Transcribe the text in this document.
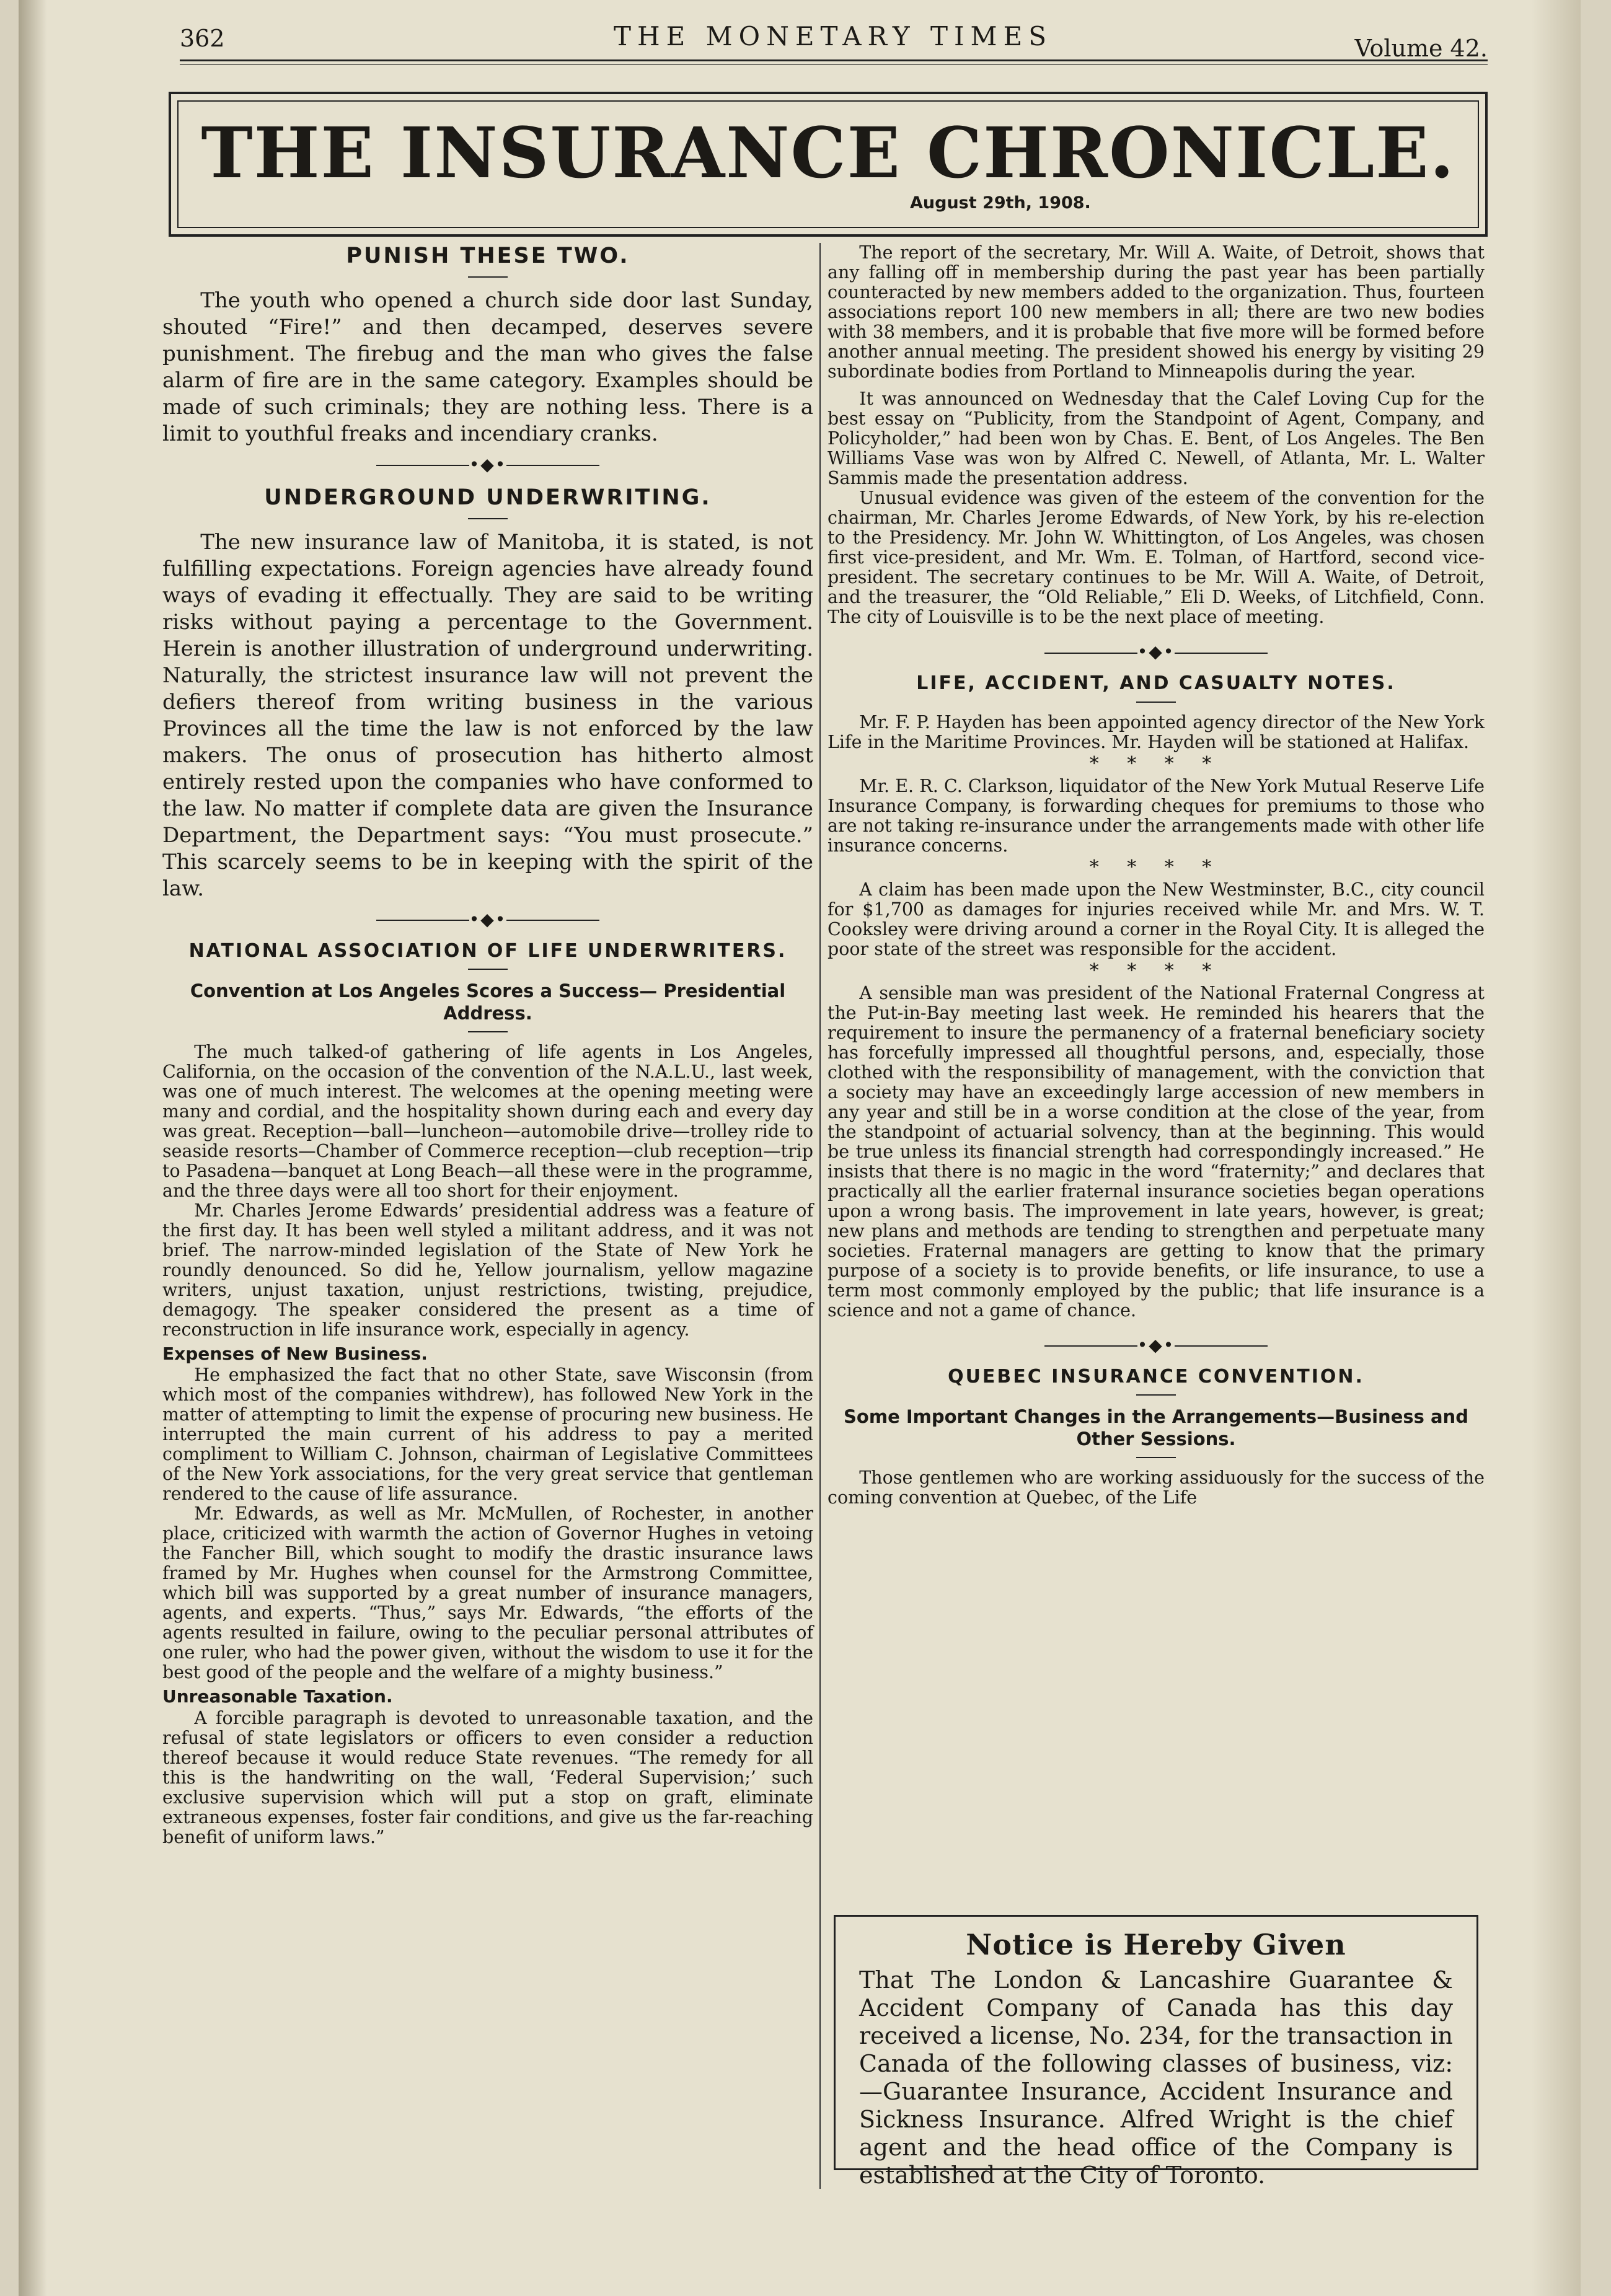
362	THE MONETARY TIMES	Volume 42.
THE INSURANCE CHRONICLE.
August 29th, 1908.
PUNISH THESE TWO.

The youth who opened a church side door last Sunday, shouted “Fire!” and then decamped, deserves severe punishment. The firebug and the man who gives the false alarm of fire are in the same category. Examples should be made of such criminals; they are nothing less. There is a limit to youthful freaks and incendiary cranks.

•◆•
UNDERGROUND UNDERWRITING.

The new insurance law of Manitoba, it is stated, is not fulfilling expectations. Foreign agencies have already found ways of evading it effectually. They are said to be writing risks without paying a percentage to the Government. Herein is another illustration of underground underwriting. Naturally, the strictest insurance law will not prevent the defiers thereof from writing business in the various Provinces all the time the law is not enforced by the law makers. The onus of prosecution has hitherto almost entirely rested upon the companies who have conformed to the law. No matter if complete data are given the Insurance Department, the Department says: “You must prosecute.” This scarcely seems to be in keeping with the spirit of the law.

•◆•
NATIONAL ASSOCIATION OF LIFE UNDERWRITERS.
Convention at Los Angeles Scores a Success— Presidential Address.

The much talked-of gathering of life agents in Los Angeles, California, on the occasion of the convention of the N.A.L.U., last week, was one of much interest. The welcomes at the opening meeting were many and cordial, and the hospitality shown during each and every day was great. Reception—ball—luncheon—automobile drive—trolley ride to seaside resorts—Chamber of Commerce reception—club reception—trip to Pasadena—banquet at Long Beach—all these were in the programme, and the three days were all too short for their enjoyment.

Mr. Charles Jerome Edwards’ presidential address was a feature of the first day. It has been well styled a militant address, and it was not brief. The narrow-minded legislation of the State of New York he roundly denounced. So did he, Yellow journalism, yellow magazine writers, unjust taxation, unjust restrictions, twisting, prejudice, demagogy. The speaker considered the present as a time of reconstruction in life insurance work, especially in agency.

Expenses of New Business.

He emphasized the fact that no other State, save Wisconsin (from which most of the companies withdrew), has followed New York in the matter of attempting to limit the expense of procuring new business. He interrupted the main current of his address to pay a merited compliment to William C. Johnson, chairman of Legislative Committees of the New York associations, for the very great service that gentleman rendered to the cause of life assurance.

Mr. Edwards, as well as Mr. McMullen, of Rochester, in another place, criticized with warmth the action of Governor Hughes in vetoing the Fancher Bill, which sought to modify the drastic insurance laws framed by Mr. Hughes when counsel for the Armstrong Committee, which bill was supported by a great number of insurance managers, agents, and experts. “Thus,” says Mr. Edwards, “the efforts of the agents resulted in failure, owing to the peculiar personal attributes of one ruler, who had the power given, without the wisdom to use it for the best good of the people and the welfare of a mighty business.”

Unreasonable Taxation.

A forcible paragraph is devoted to unreasonable taxation, and the refusal of state legislators or officers to even consider a reduction thereof because it would reduce State revenues. “The remedy for all this is the handwriting on the wall, ‘Federal Supervision;’ such exclusive supervision which will put a stop on graft, eliminate extraneous expenses, foster fair conditions, and give us the far-reaching benefit of uniform laws.”

The report of the secretary, Mr. Will A. Waite, of Detroit, shows that any falling off in membership during the past year has been partially counteracted by new members added to the organization. Thus, fourteen associations report 100 new members in all; there are two new bodies with 38 members, and it is probable that five more will be formed before another annual meeting. The president showed his energy by visiting 29 subordinate bodies from Portland to Minneapolis during the year.

It was announced on Wednesday that the Calef Loving Cup for the best essay on “Publicity, from the Standpoint of Agent, Company, and Policyholder,” had been won by Chas. E. Bent, of Los Angeles. The Ben Williams Vase was won by Alfred C. Newell, of Atlanta, Mr. L. Walter Sammis made the presentation address.

Unusual evidence was given of the esteem of the convention for the chairman, Mr. Charles Jerome Edwards, of New York, by his re-election to the Presidency. Mr. John W. Whittington, of Los Angeles, was chosen first vice-president, and Mr. Wm. E. Tolman, of Hartford, second vice-president. The secretary continues to be Mr. Will A. Waite, of Detroit, and the treasurer, the “Old Reliable,” Eli D. Weeks, of Litchfield, Conn. The city of Louisville is to be the next place of meeting.

•◆•
LIFE, ACCIDENT, AND CASUALTY NOTES.

Mr. F. P. Hayden has been appointed agency director of the New York Life in the Maritime Provinces. Mr. Hayden will be stationed at Halifax.

* * * *

Mr. E. R. C. Clarkson, liquidator of the New York Mutual Reserve Life Insurance Company, is forwarding cheques for premiums to those who are not taking re-insurance under the arrangements made with other life insurance concerns.

* * * *

A claim has been made upon the New Westminster, B.C., city council for $1,700 as damages for injuries received while Mr. and Mrs. W. T. Cooksley were driving around a corner in the Royal City. It is alleged the poor state of the street was responsible for the accident.

* * * *

A sensible man was president of the National Fraternal Congress at the Put-in-Bay meeting last week. He reminded his hearers that the requirement to insure the permanency of a fraternal beneficiary society has forcefully impressed all thoughtful persons, and, especially, those clothed with the responsibility of management, with the conviction that a society may have an exceedingly large accession of new members in any year and still be in a worse condition at the close of the year, from the standpoint of actuarial solvency, than at the beginning. This would be true unless its financial strength had correspondingly increased.” He insists that there is no magic in the word “fraternity;” and declares that practically all the earlier fraternal insurance societies began operations upon a wrong basis. The improvement in late years, however, is great; new plans and methods are tending to strengthen and perpetuate many societies. Fraternal managers are getting to know that the primary purpose of a society is to provide benefits, or life insurance, to use a term most commonly employed by the public; that life insurance is a science and not a game of chance.

•◆•
QUEBEC INSURANCE CONVENTION.
Some Important Changes in the Arrangements—Business and Other Sessions.

Those gentlemen who are working assiduously for the success of the coming convention at Quebec, of the Life

Notice is Hereby Given

That The London & Lancashire Guarantee & Accident Company of Canada has this day received a license, No. 234, for the transaction in Canada of the following classes of business, viz:—Guarantee Insurance, Accident Insurance and Sickness Insurance. Alfred Wright is the chief agent and the head office of the Company is established at the City of Toronto.
